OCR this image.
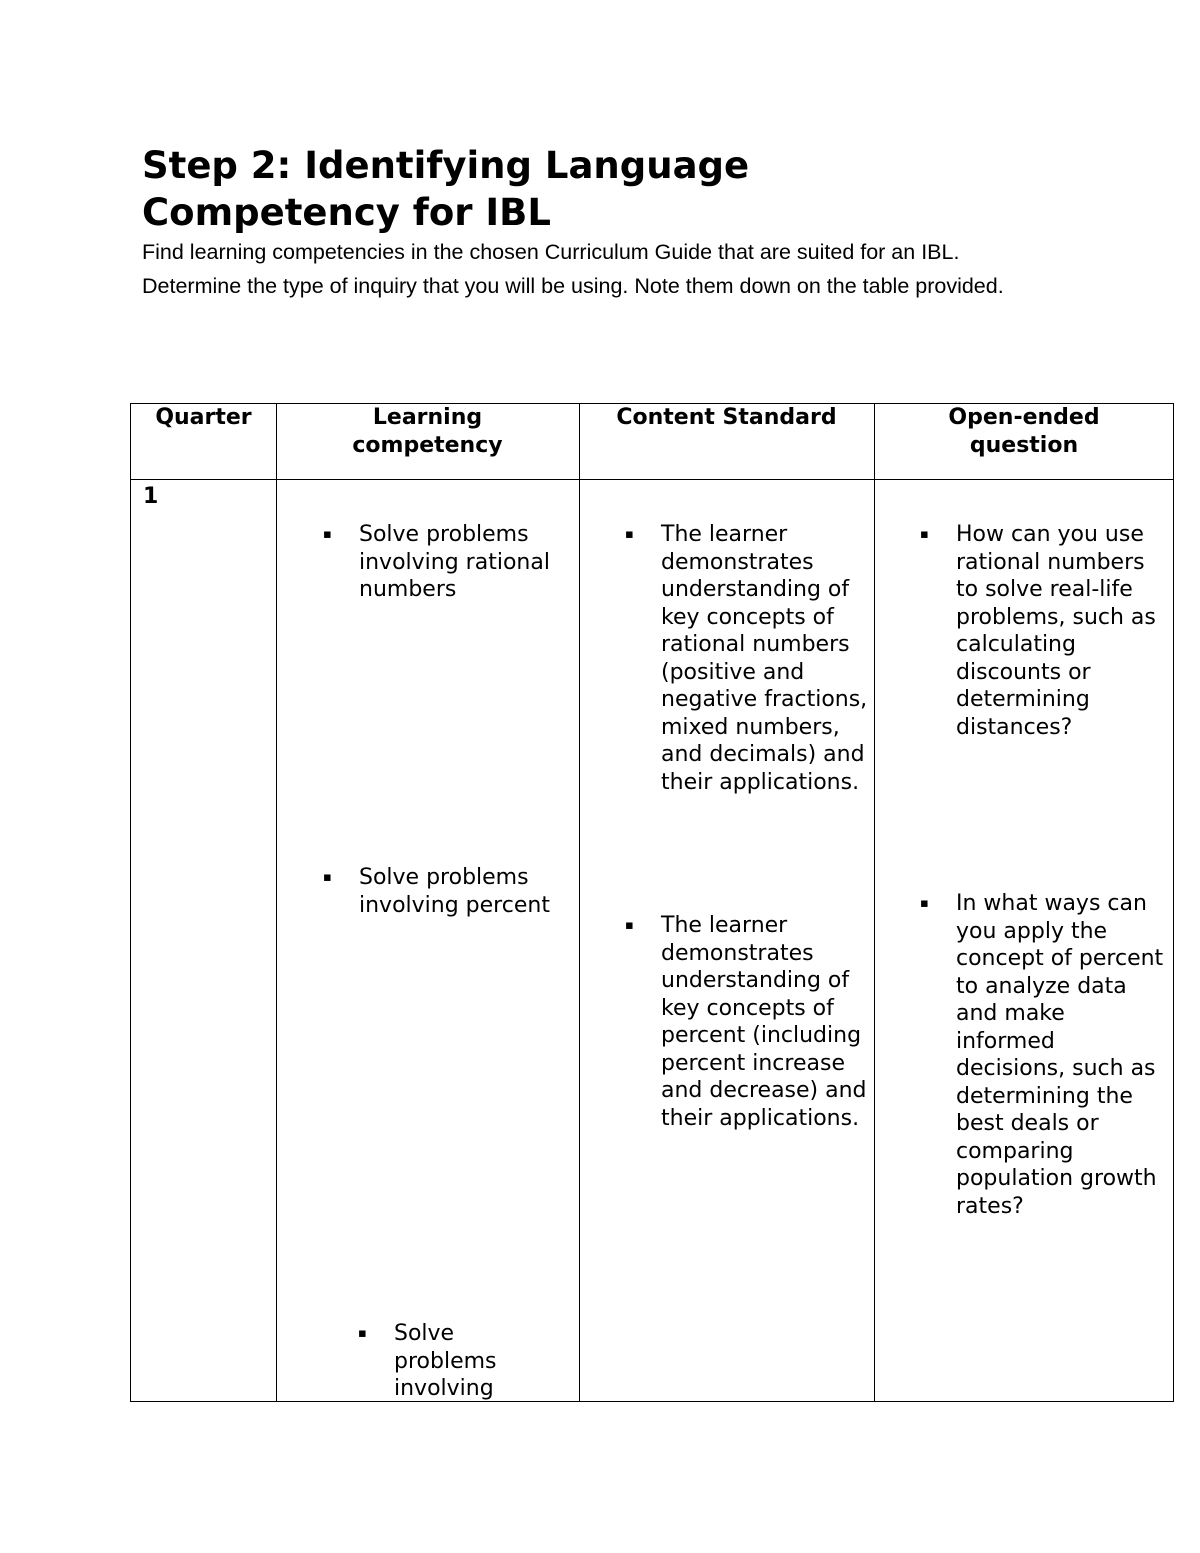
Step 2: Identifying Language
Competency for IBL

Find learning competencies in the chosen Curriculum Guide that are suited for an IBL. Determine the type of inquiry that you will be using. Note them down on the table provided.

Quarter	Learning
competency
Content Standard	Open-ended
question
1
▪ Solve problems involving rational numbers
▪ Solve problems involving percent
▪ Solve problems involving
▪ The learner demonstrates understanding of key concepts of rational numbers (positive and negative fractions, mixed numbers, and decimals) and their applications.
▪ The learner demonstrates understanding of key concepts of percent (including percent increase and decrease) and their applications.
▪ How can you use rational numbers to solve real-life problems, such as calculating discounts or determining distances?
▪ In what ways can you apply the concept of percent to analyze data and make informed decisions, such as determining the best deals or comparing population growth rates?
